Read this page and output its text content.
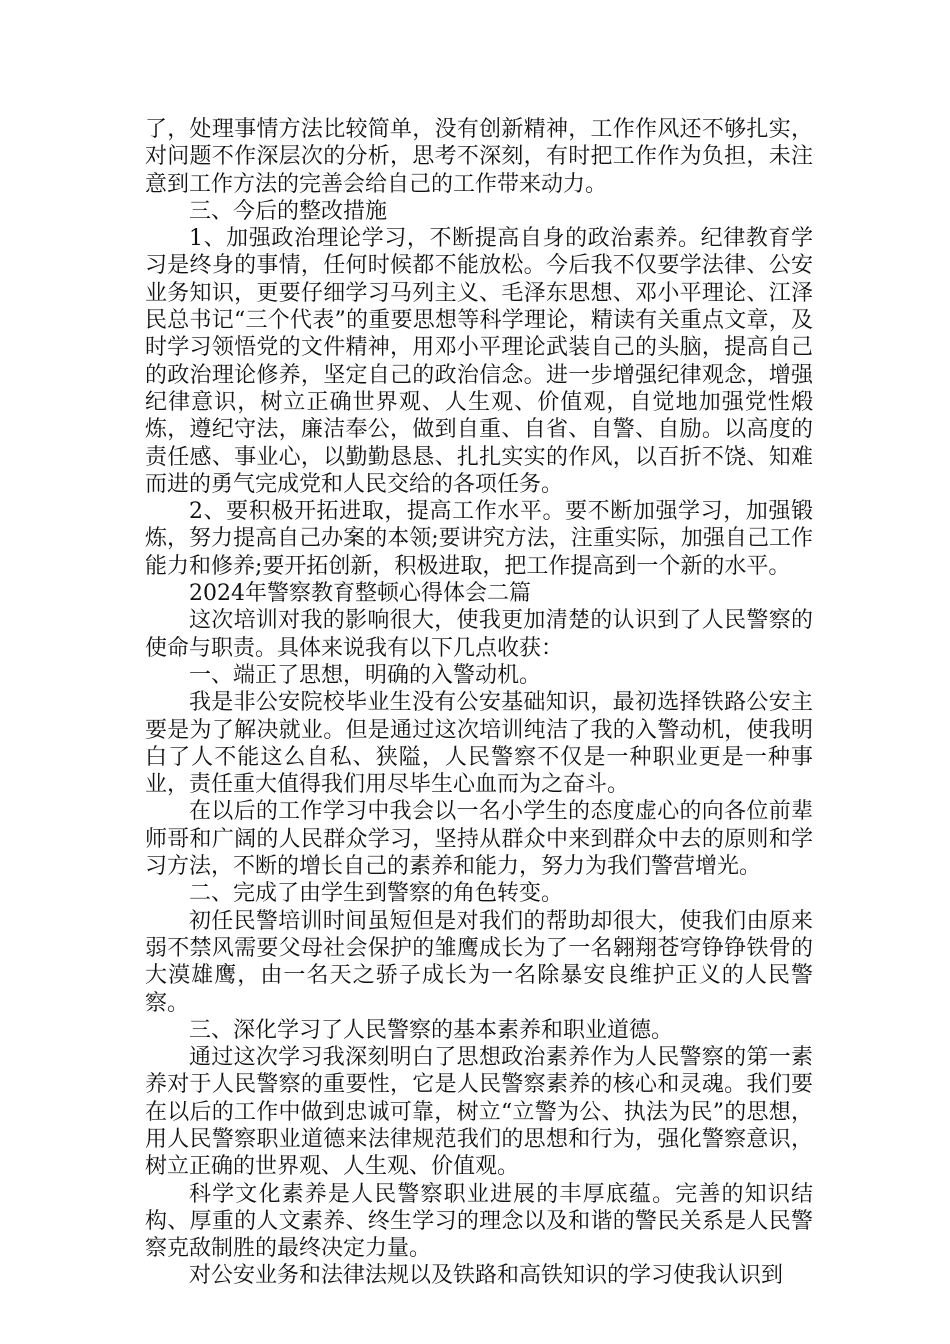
了，处理事情方法比较简单，没有创新精神，工作作风还不够扎实，对问题不作深层次的分析，思考不深刻，有时把工作作为负担，未注意到工作方法的完善会给自己的工作带来动力。

三、今后的整改措施

1、加强政治理论学习，不断提高自身的政治素养。纪律教育学习是终身的事情，任何时候都不能放松。今后我不仅要学法律、公安业务知识，更要仔细学习马列主义、毛泽东思想、邓小平理论、江泽民总书记“三个代表”的重要思想等科学理论，精读有关重点文章，及时学习领悟党的文件精神，用邓小平理论武装自己的头脑，提高自己的政治理论修养，坚定自己的政治信念。进一步增强纪律观念，增强纪律意识，树立正确世界观、人生观、价值观，自觉地加强党性煅炼，遵纪守法，廉洁奉公，做到自重、自省、自警、自励。以高度的责任感、事业心，以勤勤恳恳、扎扎实实的作风，以百折不饶、知难而进的勇气完成党和人民交给的各项任务。

2、要积极开拓进取，提高工作水平。要不断加强学习，加强锻炼，努力提高自己办案的本领;要讲究方法，注重实际，加强自己工作能力和修养;要开拓创新，积极进取，把工作提高到一个新的水平。

2024年警察教育整顿心得体会二篇

这次培训对我的影响很大，使我更加清楚的认识到了人民警察的使命与职责。具体来说我有以下几点收获：

一、端正了思想，明确的入警动机。

我是非公安院校毕业生没有公安基础知识，最初选择铁路公安主要是为了解决就业。但是通过这次培训纯洁了我的入警动机，使我明白了人不能这么自私、狭隘，人民警察不仅是一种职业更是一种事业，责任重大值得我们用尽毕生心血而为之奋斗。

在以后的工作学习中我会以一名小学生的态度虚心的向各位前辈师哥和广阔的人民群众学习，坚持从群众中来到群众中去的原则和学习方法，不断的增长自己的素养和能力，努力为我们警营增光。

二、完成了由学生到警察的角色转变。

初任民警培训时间虽短但是对我们的帮助却很大，使我们由原来弱不禁风需要父母社会保护的雏鹰成长为了一名翱翔苍穹铮铮铁骨的大漠雄鹰，由一名天之骄子成长为一名除暴安良维护正义的人民警察。

三、深化学习了人民警察的基本素养和职业道德。

通过这次学习我深刻明白了思想政治素养作为人民警察的第一素养对于人民警察的重要性，它是人民警察素养的核心和灵魂。我们要在以后的工作中做到忠诚可靠，树立“立警为公、执法为民”的思想，用人民警察职业道德来法律规范我们的思想和行为，强化警察意识，树立正确的世界观、人生观、价值观。

科学文化素养是人民警察职业进展的丰厚底蕴。完善的知识结构、厚重的人文素养、终生学习的理念以及和谐的警民关系是人民警察克敌制胜的最终决定力量。

对公安业务和法律法规以及铁路和高铁知识的学习使我认识到
